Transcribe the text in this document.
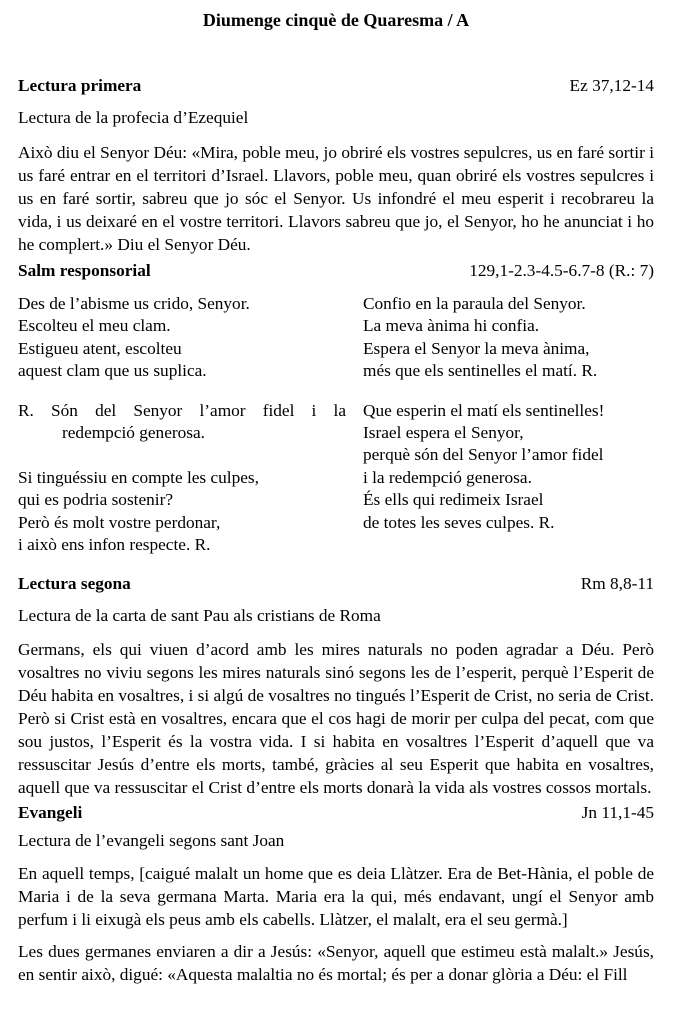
Diumenge cinquè de Quaresma / A
Lectura primera	Ez 37,12-14
Lectura de la profecia d’Ezequiel

Això diu el Senyor Déu: «Mira, poble meu, jo obriré els vostres sepulcres, us en faré sortir i us faré entrar en el territori d’Israel. Llavors, poble meu, quan obriré els vostres sepulcres i us en faré sortir, sabreu que jo sóc el Senyor. Us infondré el meu esperit i recobrareu la vida, i us deixaré en el vostre territori. Llavors sabreu que jo, el Senyor, ho he anunciat i ho he complert.» Diu el Senyor Déu.

Salm responsorial	129,1-2.3-4.5-6.7-8 (R.: 7)
Des de l’abisme us crido, Senyor.
Escolteu el meu clam.
Estigueu atent, escolteu
aquest clam que us suplica.
R. Són del Senyor l’amor fidel i la
redempció generosa.
Si tinguéssiu en compte les culpes,
qui es podria sostenir?
Però és molt vostre perdonar,
i això ens infon respecte. R.
Confio en la paraula del Senyor.
La meva ànima hi confia.
Espera el Senyor la meva ànima,
més que els sentinelles el matí. R.
Que esperin el matí els sentinelles!
Israel espera el Senyor,
perquè són del Senyor l’amor fidel
i la redempció generosa.
És ells qui redimeix Israel
de totes les seves culpes. R.
Lectura segona	Rm 8,8-11
Lectura de la carta de sant Pau als cristians de Roma

Germans, els qui viuen d’acord amb les mires naturals no poden agradar a Déu. Però vosaltres no viviu segons les mires naturals sinó segons les de l’esperit, perquè l’Esperit de Déu habita en vosaltres, i si algú de vosaltres no tingués l’Esperit de Crist, no seria de Crist. Però si Crist està en vosaltres, encara que el cos hagi de morir per culpa del pecat, com que sou justos, l’Esperit és la vostra vida. I si habita en vosaltres l’Esperit d’aquell que va ressuscitar Jesús d’entre els morts, també, gràcies al seu Esperit que habita en vosaltres, aquell que va ressuscitar el Crist d’entre els morts donarà la vida als vostres cossos mortals.

Evangeli	Jn 11,1-45
Lectura de l’evangeli segons sant Joan

En aquell temps, [caigué malalt un home que es deia Llàtzer. Era de Bet-Hània, el poble de Maria i de la seva germana Marta. Maria era la qui, més endavant, ungí el Senyor amb perfum i li eixugà els peus amb els cabells. Llàtzer, el malalt, era el seu germà.]

Les dues germanes enviaren a dir a Jesús: «Senyor, aquell que estimeu està malalt.» Jesús, en sentir això, digué: «Aquesta malaltia no és mortal; és per a donar glòria a Déu: el Fill
